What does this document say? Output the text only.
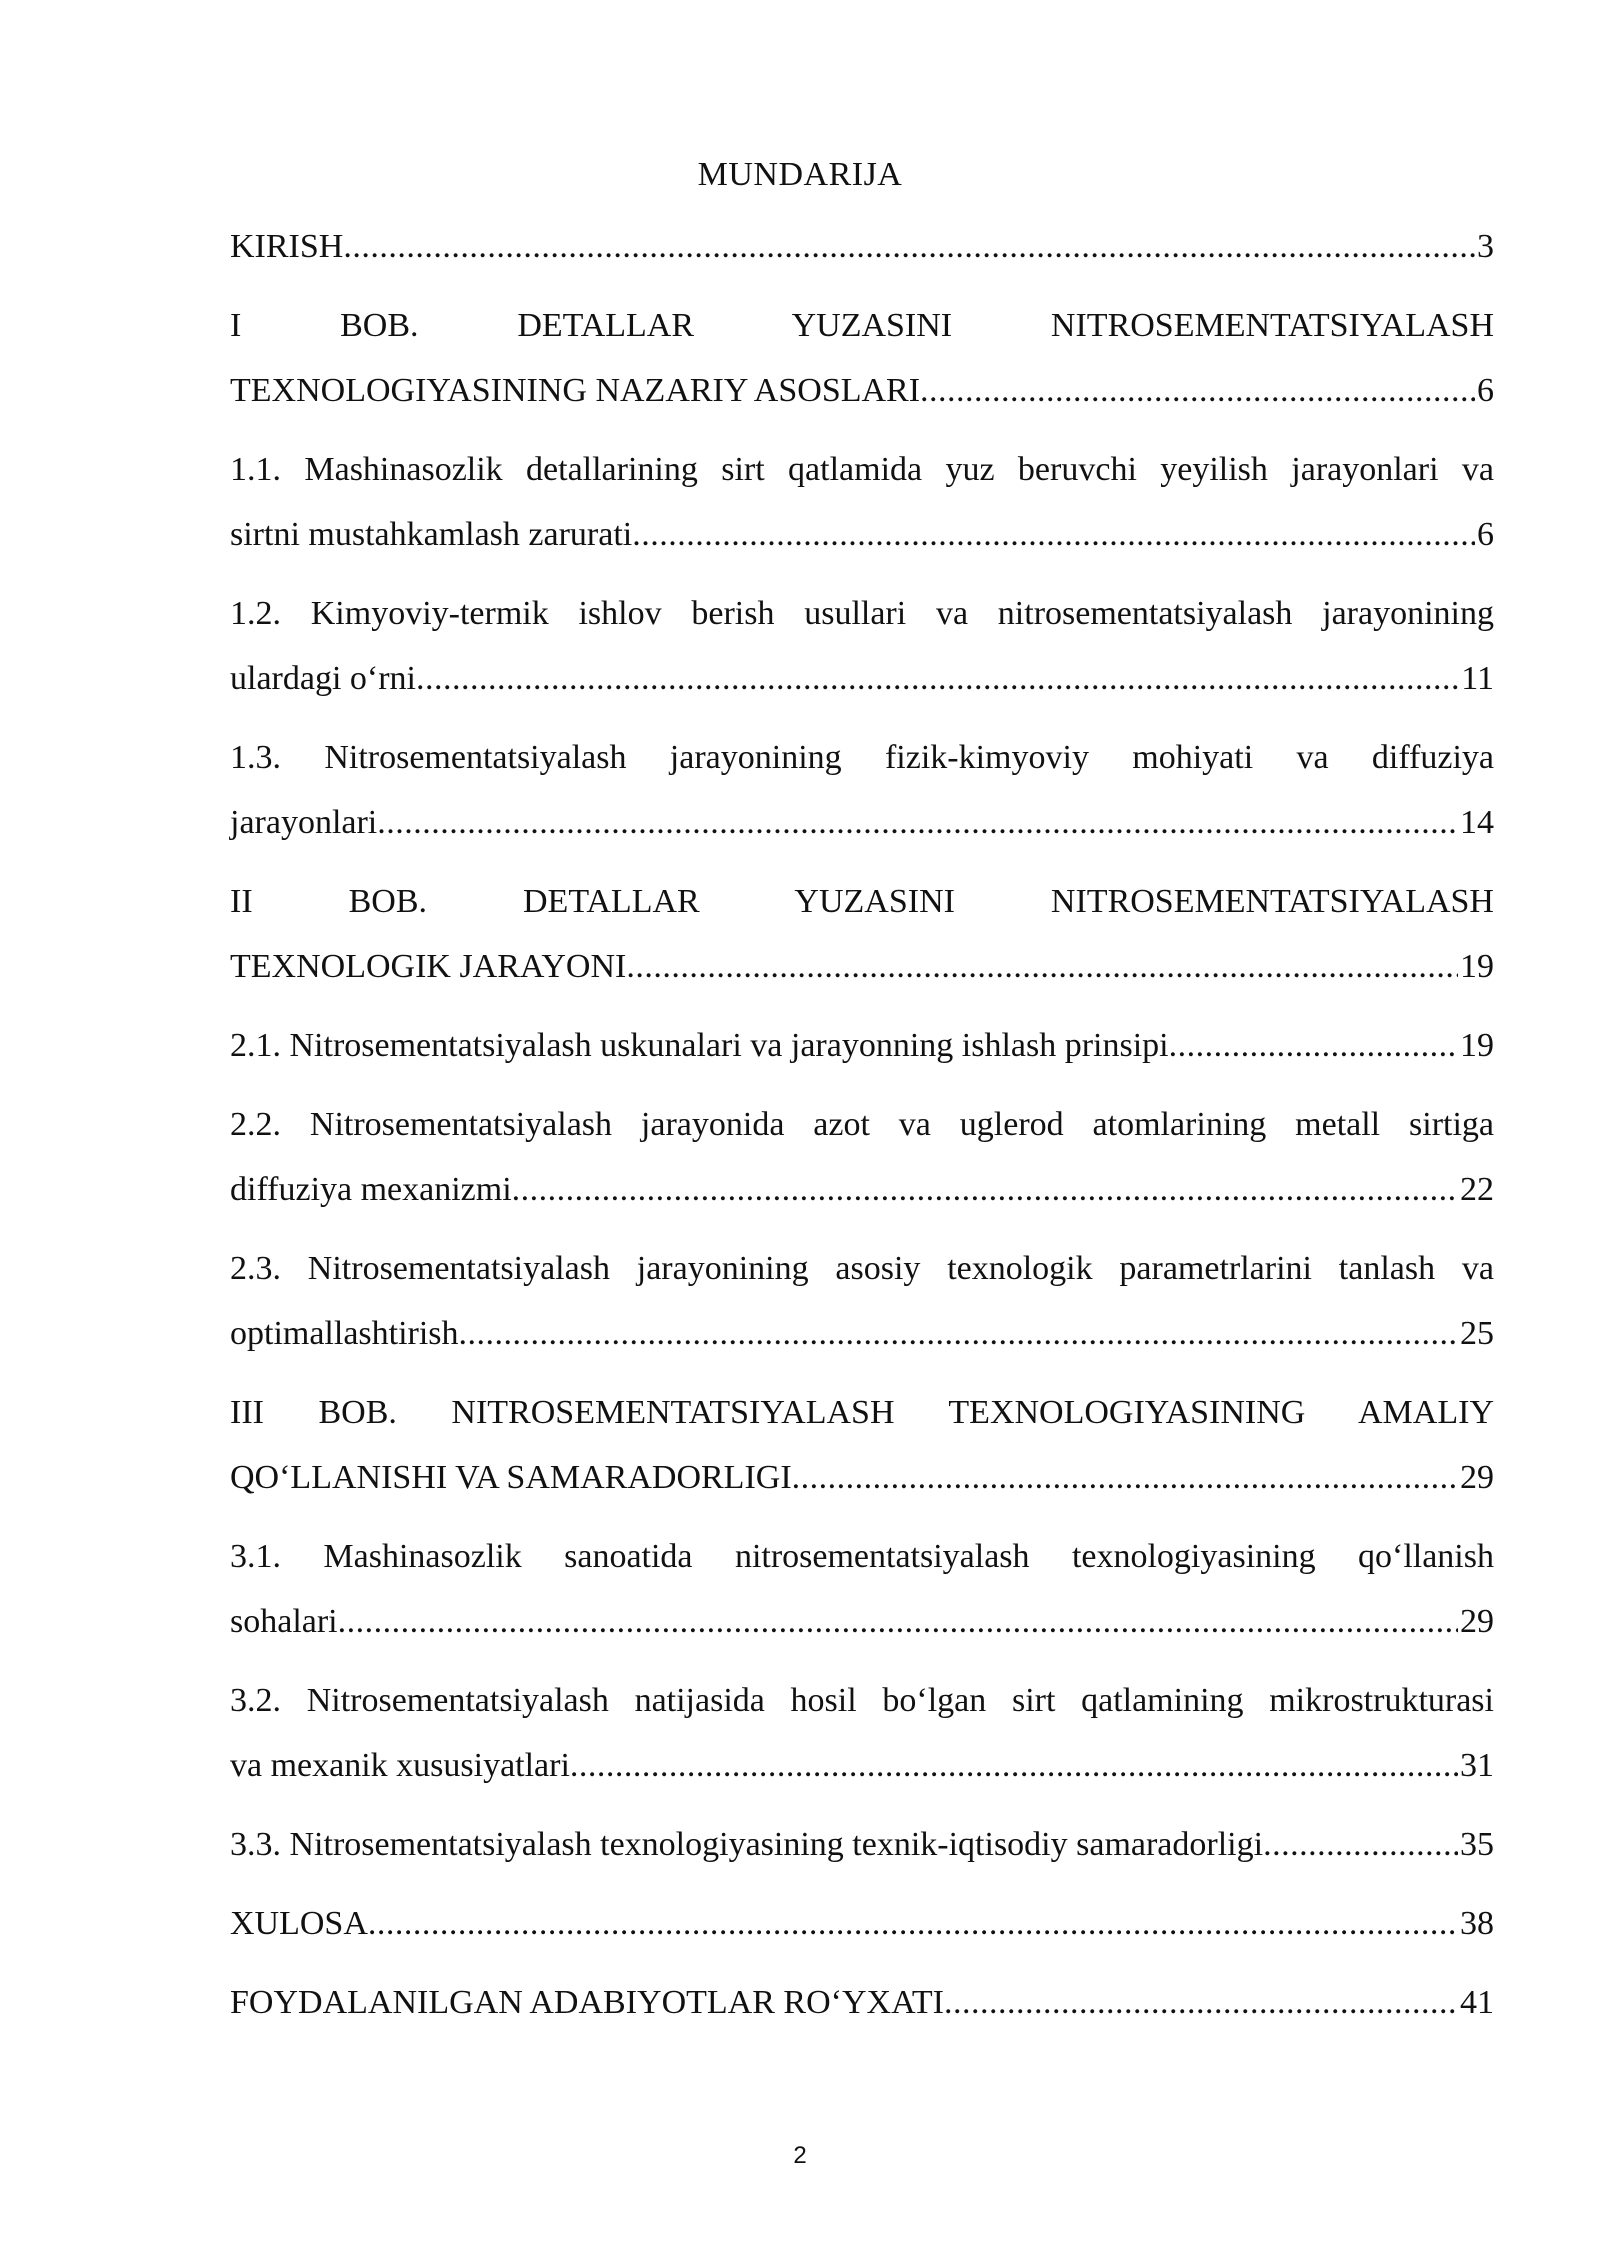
MUNDARIJA
KIRISH .....	3
I BOB. DETALLAR YUZASINI NITROSEMENTATSIYALASH
TEXNOLOGIYASINING NAZARIY ASOSLARI .....	6
1.1. Mashinasozlik detallarining sirt qatlamida yuz beruvchi yeyilish jarayonlari va
sirtni mustahkamlash zarurati .....	6
1.2. Kimyoviy-termik ishlov berish usullari va nitrosementatsiyalash jarayonining
ulardagi o‘rni .....	11
1.3. Nitrosementatsiyalash jarayonining fizik-kimyoviy mohiyati va diffuziya
jarayonlari .....	14
II BOB. DETALLAR YUZASINI NITROSEMENTATSIYALASH
TEXNOLOGIK JARAYONI .....	19
2.1. Nitrosementatsiyalash uskunalari va jarayonning ishlash prinsipi .....	19
2.2. Nitrosementatsiyalash jarayonida azot va uglerod atomlarining metall sirtiga
diffuziya mexanizmi .....	22
2.3. Nitrosementatsiyalash jarayonining asosiy texnologik parametrlarini tanlash va
optimallashtirish .....	25
III BOB. NITROSEMENTATSIYALASH TEXNOLOGIYASINING AMALIY
QO‘LLANISHI VA SAMARADORLIGI .....	29
3.1. Mashinasozlik sanoatida nitrosementatsiyalash texnologiyasining qo‘llanish
sohalari .....	29
3.2. Nitrosementatsiyalash natijasida hosil bo‘lgan sirt qatlamining mikrostrukturasi
va mexanik xususiyatlari .....	31
3.3. Nitrosementatsiyalash texnologiyasining texnik-iqtisodiy samaradorligi .....	35
XULOSA .....	38
FOYDALANILGAN ADABIYOTLAR RO‘YXATI .....	41
2
